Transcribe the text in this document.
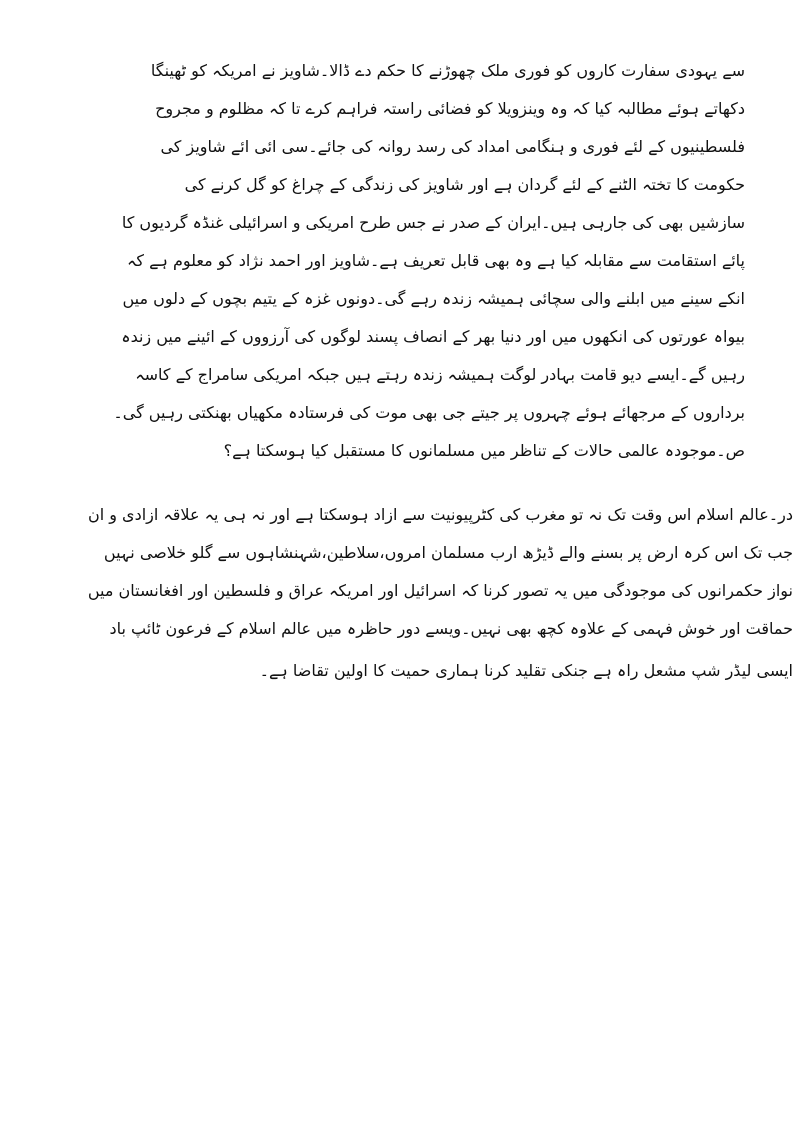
سے یہودی سفارت کاروں کو فوری ملک چھوڑنے کا حکم دے ڈالا۔شاویز نے امریکہ کو ٹھینگا
دکھاتے ہوئے مطالبہ کیا کہ وہ وینزویلا کو فضائی راستہ فراہم کرے تا کہ مظلوم و مجروح
فلسطینیوں کے لئے فوری و ہنگامی امداد کی رسد روانہ کی جائے۔سی ائی ائے شاویز کی
حکومت کا تختہ الٹنے کے لئے گردان ہے اور شاویز کی زندگی کے چراغ کو گل کرنے کی
سازشیں بھی کی جارہی ہیں۔ایران کے صدر نے جس طرح امریکی و اسرائیلی غنڈہ گردیوں کا
پائے استقامت سے مقابلہ کیا ہے وہ بھی قابل تعریف ہے۔شاویز اور احمد نژاد کو معلوم ہے کہ
انکے سینے میں ابلنے والی سچائی ہمیشہ زندہ رہے گی۔دونوں غزہ کے یتیم بچوں کے دلوں میں
بیواہ عورتوں کی انکھوں میں اور دنیا بھر کے انصاف پسند لوگوں کی آرزووں کے ائینے میں زندہ
رہیں گے۔ایسے دیو قامت بہادر لوگت ہمیشہ زندہ رہتے ہیں جبکہ امریکی سامراج کے کاسہ
برداروں کے مرجھائے ہوئے چہروں پر جیتے جی بھی موت کی فرستادہ مکھیاں بھنکتی رہیں گی۔
ص۔موجودہ عالمی حالات کے تناظر میں مسلمانوں کا مستقبل کیا ہوسکتا ہے؟
در۔عالم اسلام اس وقت تک نہ تو مغرب کی کٹرپیونیت سے ازاد ہوسکتا ہے اور نہ ہی یہ علاقہ ازادی و ان
جب تک اس کرہ ارض پر بسنے والے ڈیڑھ ارب مسلمان امروں،سلاطین،شہنشاہوں سے گلو خلاصی نہیں
نواز حکمرانوں کی موجودگی میں یہ تصور کرنا کہ اسرائیل اور امریکہ عراق و فلسطین اور افغانستان میں
حماقت اور خوش فہمی کے علاوہ کچھ بھی نہیں۔ویسے دور حاظرہ میں عالم اسلام کے فرعون ٹائپ باد
ایسی لیڈر شپ مشعل راہ ہے جنکی تقلید کرنا ہماری حمیت کا اولین تقاضا ہے۔
